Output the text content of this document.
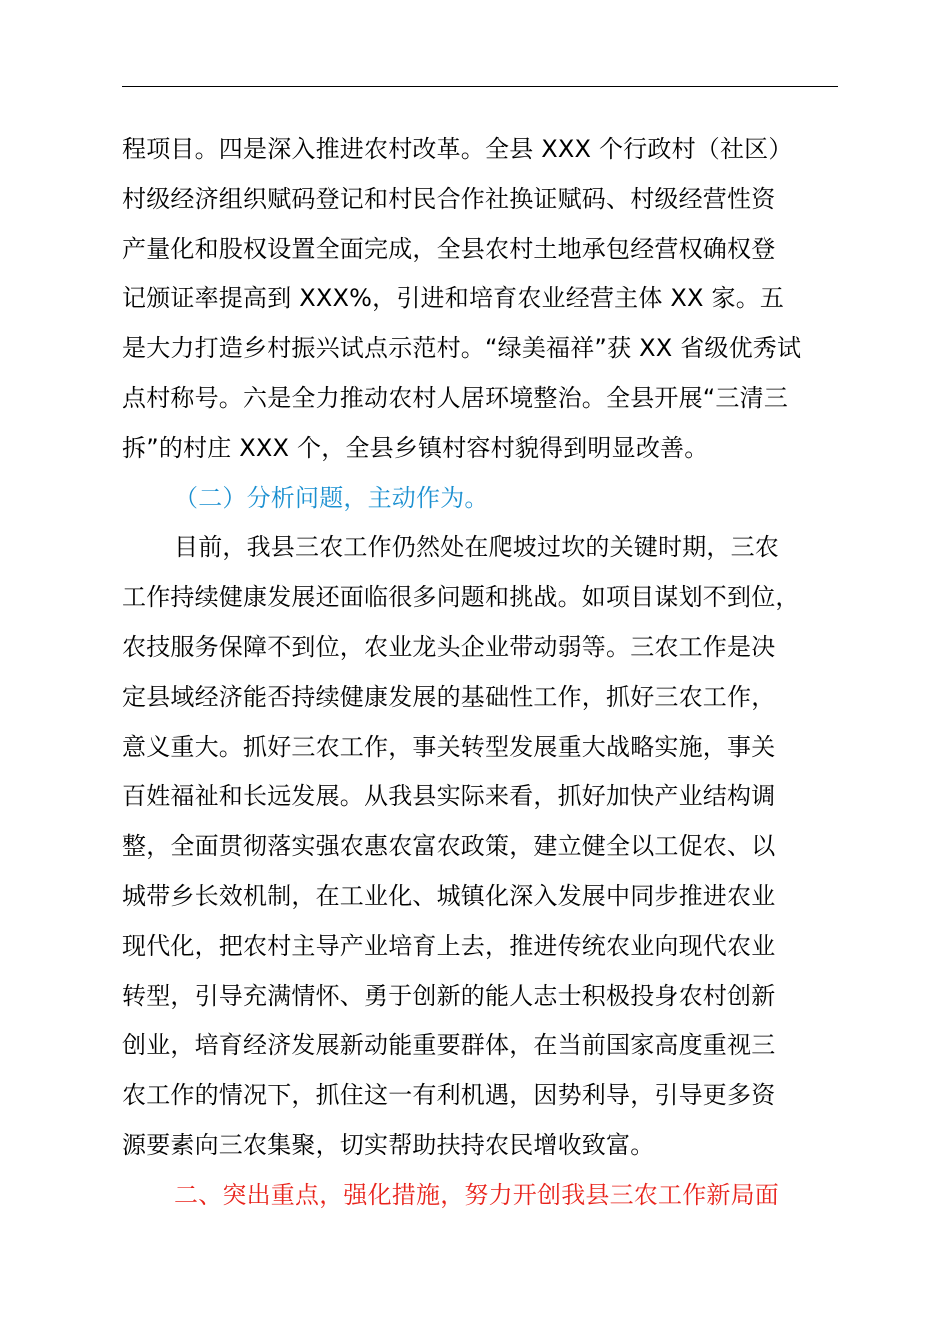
程项目。四是深入推进农村改革。全县 XXX 个行政村（社区）
村级经济组织赋码登记和村民合作社换证赋码、村级经营性资
产量化和股权设置全面完成，全县农村土地承包经营权确权登
记颁证率提高到 XXX%，引进和培育农业经营主体 XX 家。五
是大力打造乡村振兴试点示范村。“绿美福祥”获 XX 省级优秀试
点村称号。六是全力推动农村人居环境整治。全县开展“三清三
拆”的村庄 XXX 个，全县乡镇村容村貌得到明显改善。
（二）分析问题，主动作为。
目前，我县三农工作仍然处在爬坡过坎的关键时期，三农
工作持续健康发展还面临很多问题和挑战。如项目谋划不到位，
农技服务保障不到位，农业龙头企业带动弱等。三农工作是决
定县域经济能否持续健康发展的基础性工作，抓好三农工作，
意义重大。抓好三农工作，事关转型发展重大战略实施，事关
百姓福祉和长远发展。从我县实际来看，抓好加快产业结构调
整，全面贯彻落实强农惠农富农政策，建立健全以工促农、以
城带乡长效机制，在工业化、城镇化深入发展中同步推进农业
现代化，把农村主导产业培育上去，推进传统农业向现代农业
转型，引导充满情怀、勇于创新的能人志士积极投身农村创新
创业，培育经济发展新动能重要群体，在当前国家高度重视三
农工作的情况下，抓住这一有利机遇，因势利导，引导更多资
源要素向三农集聚，切实帮助扶持农民增收致富。
二、突出重点，强化措施，努力开创我县三农工作新局面
